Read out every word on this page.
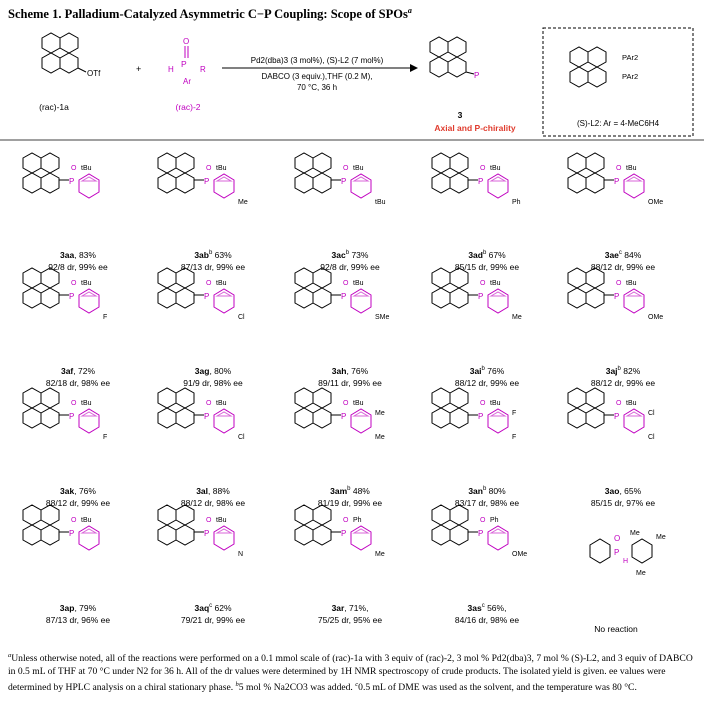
Scheme 1. Palladium-Catalyzed Asymmetric C−P Coupling: Scope of SPOs$^a$
OTf
(rac)-1a
+
O
P
H	R
Ar
(rac)-2
Pd2(dba)3 (3 mol%), (S)-L2 (7 mol%)
DABCO (3 equiv.),THF (0.2 M),
70 °C, 36 h
P
3
Axial and P-chirality
PAr2
PAr2
(S)-L2: Ar = 4-MeC6H4
P
O tBu
P
O tBu
Me
P
O tBu
tBu
P
O tBu
Ph
P
O tBu
OMe
P
O tBu
F
P
O tBu
Cl
P
O tBu
SMe
P
O tBu
Me
P
O tBu
OMe
P
O tBu
F
P
O tBu
Cl
P
O tBu
Me
Me	P
O tBu
F
F	P
O tBu
Cl
Cl
P
O tBu
P
O tBu
N
P
O Ph
Me
P
O Ph
OMe	P
O
H
Me
Me
Me
3aa, 83%
92/8 dr, 99% ee
$3ab^b$ 63%
87/13 dr, 99% ee
$3ac^b$ 73%
92/8 dr, 99% ee
$3ad^b$ 67%
85/15 dr, 99% ee
$3ae^c$ 84%
88/12 dr, 99% ee
3af, 72%
82/18 dr, 98% ee
3ag, 80%
91/9 dr, 98% ee
3ah, 76%
89/11 dr, 99% ee
$3ai^b$ 76%
88/12 dr, 99% ee
$3aj^b$ 82%
88/12 dr, 99% ee
3ak, 76%
88/12 dr, 99% ee
3al, 88%
88/12 dr, 98% ee
$3am^b$ 48%
81/19 dr, 99% ee
$3an^b$ 80%
83/17 dr, 98% ee
3ao, 65%
85/15 dr, 97% ee
3ap, 79%
87/13 dr, 96% ee
$3aq^c$ 62%
79/21 dr, 99% ee
3ar, 71%,
75/25 dr, 95% ee
$3as^c$ 56%,
84/16 dr, 98% ee
No reaction
$^a$Unless otherwise noted, all of the reactions were performed on a 0.1 mmol scale of (rac)-1a with 3 equiv of (rac)-2, 3 mol % Pd2(dba)3, 7 mol % (S)-L2, and 3 equiv of DABCO in 0.5 mL of THF at 70 °C under N2 for 36 h. All of the dr values were determined by 1H NMR spectroscopy of crude products. The isolated yield is given. ee values were determined by HPLC analysis on a chiral stationary phase. $^b$5 mol % Na2CO3 was added. $^c$0.5 mL of DME was used as the solvent, and the temperature was 80 °C.
